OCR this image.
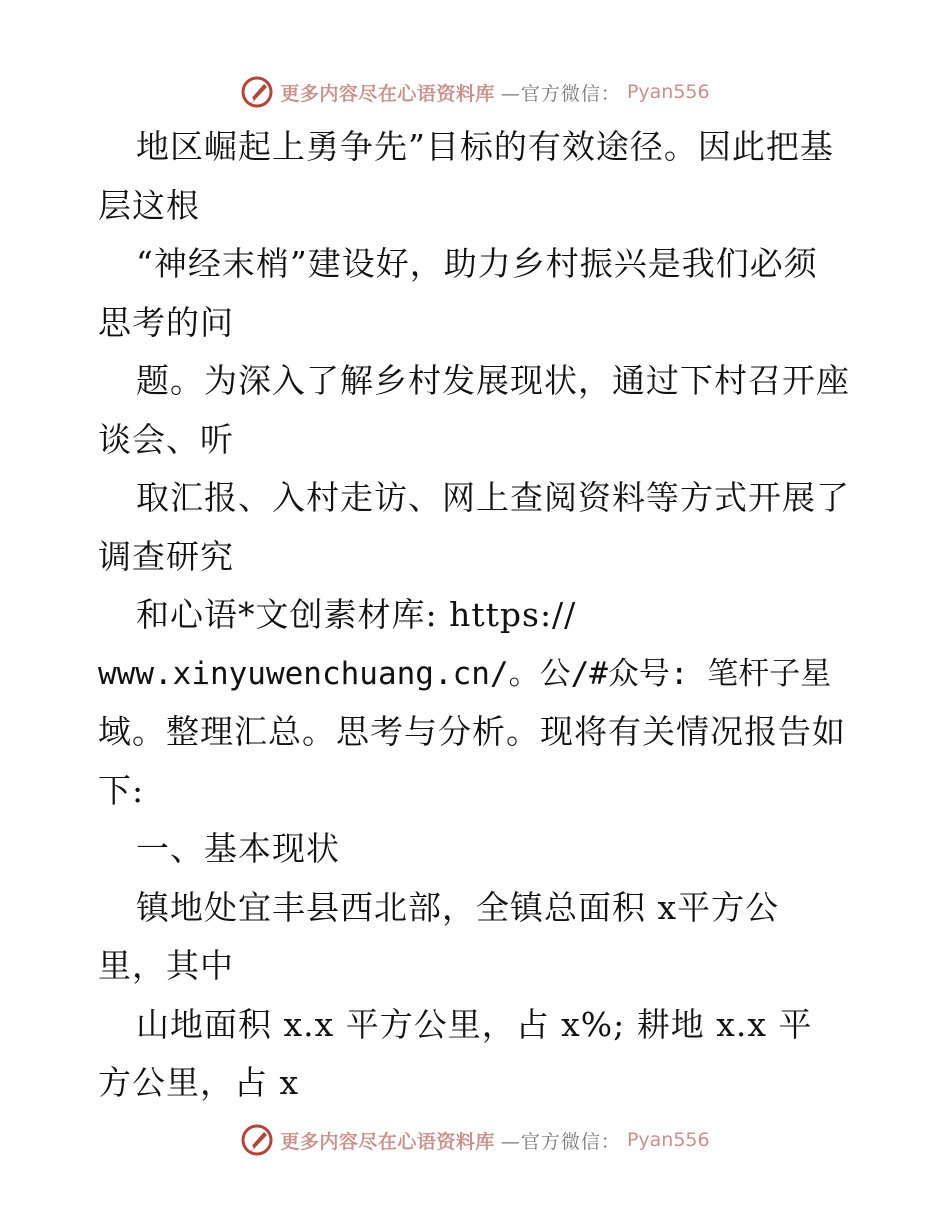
更多内容尽在心语资料库 —官方微信： Pyan556
地区崛起上勇争先”目标的有效途径。因此把基
层这根
“神经末梢”建设好，助力乡村振兴是我们必须
思考的问
题。为深入了解乡村发展现状，通过下村召开座
谈会、听
取汇报、入村走访、网上查阅资料等方式开展了
调查研究
和心语*文创素材库: https://
www.xinyuwenchuang.cn/。公/#众号: 笔杆子星
域。整理汇总。思考与分析。现将有关情况报告如
下:
一、基本现状
镇地处宜丰县西北部，全镇总面积 x平方公
里，其中
山地面积 x.x 平方公里，占 x%; 耕地 x.x 平
方公里，占 x
更多内容尽在心语资料库 —官方微信： Pyan556
